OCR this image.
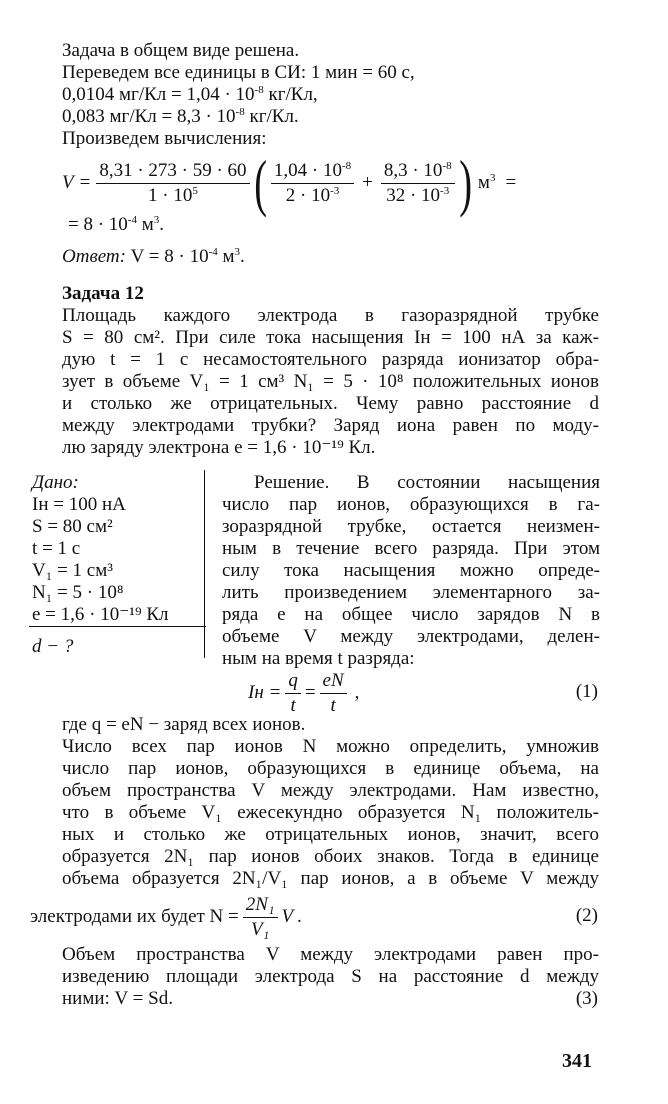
Задача в общем виде решена.
Переведем все единицы в СИ: 1 мин = 60 с,
0,0104 $мг/Кл = 1,04 \cdot 10^{-8}$ кг/Кл,
0,083 $мг/Кл = 8,3 \cdot 10^{-8}$ кг/Кл.
Произведем вычисления:
$V = \frac{8,31 \cdot 273 \cdot 59 \cdot 60}{1 \cdot 10^5}$ ( $\frac{1,04 \cdot 10^{-8}}{2 \cdot 10^{-3}} + \frac{8,3 \cdot 10^{-8}}{32 \cdot 10^{-3}}$ ) $м^3$ =
= $8 \cdot 10^{-4}$ $м^3$.
Ответ: $V = 8 \cdot 10^{-4}$ $м^3$.
Задача 12
Площадь каждого электрода в газоразрядной трубке
S = 80 см². При силе тока насыщения Iн = 100 нА за каж-
дую t = 1 с несамостоятельного разряда ионизатор обра-
зует в объеме V₁ = 1 см³ N₁ = 5 · 10⁸ положительных ионов
и столько же отрицательных. Чему равно расстояние d
между электродами трубки? Заряд иона равен по моду-
лю заряду электрона e = 1,6 · 10⁻¹⁹ Кл.
Дано:
Iн = 100 нА
S = 80 см²
t = 1 с
V₁ = 1 см³
N₁ = 5 · 10⁸
e = 1,6 · 10⁻¹⁹ Кл
d − ?
Решение. В состоянии насыщения
число пар ионов, образующихся в га-
зоразрядной трубке, остается неизмен-
ным в течение всего разряда. При этом
силу тока насыщения можно опреде-
лить произведением элементарного за-
ряда e на общее число зарядов N в
объеме V между электродами, делен-
ным на время t разряда:
Iн = $\frac{q}{t} = \frac{eN}{t}$ ,	(1)
где q = eN − заряд всех ионов.
Число всех пар ионов N можно определить, умножив
число пар ионов, образующихся в единице объема, на
объем пространства V между электродами. Нам известно,
что в объеме V₁ ежесекундно образуется N₁ положитель-
ных и столько же отрицательных ионов, значит, всего
образуется 2N₁ пар ионов обоих знаков. Тогда в единице
объема образуется 2N₁/V₁ пар ионов, а в объеме V между
электродами их будет $N = \frac{\text{2N₁}}{\text{V₁}}$ V .	(2)
Объем пространства V между электродами равен про-
изведению площади электрода S на расстояние d между
ними: V = Sd.	(3)
341
